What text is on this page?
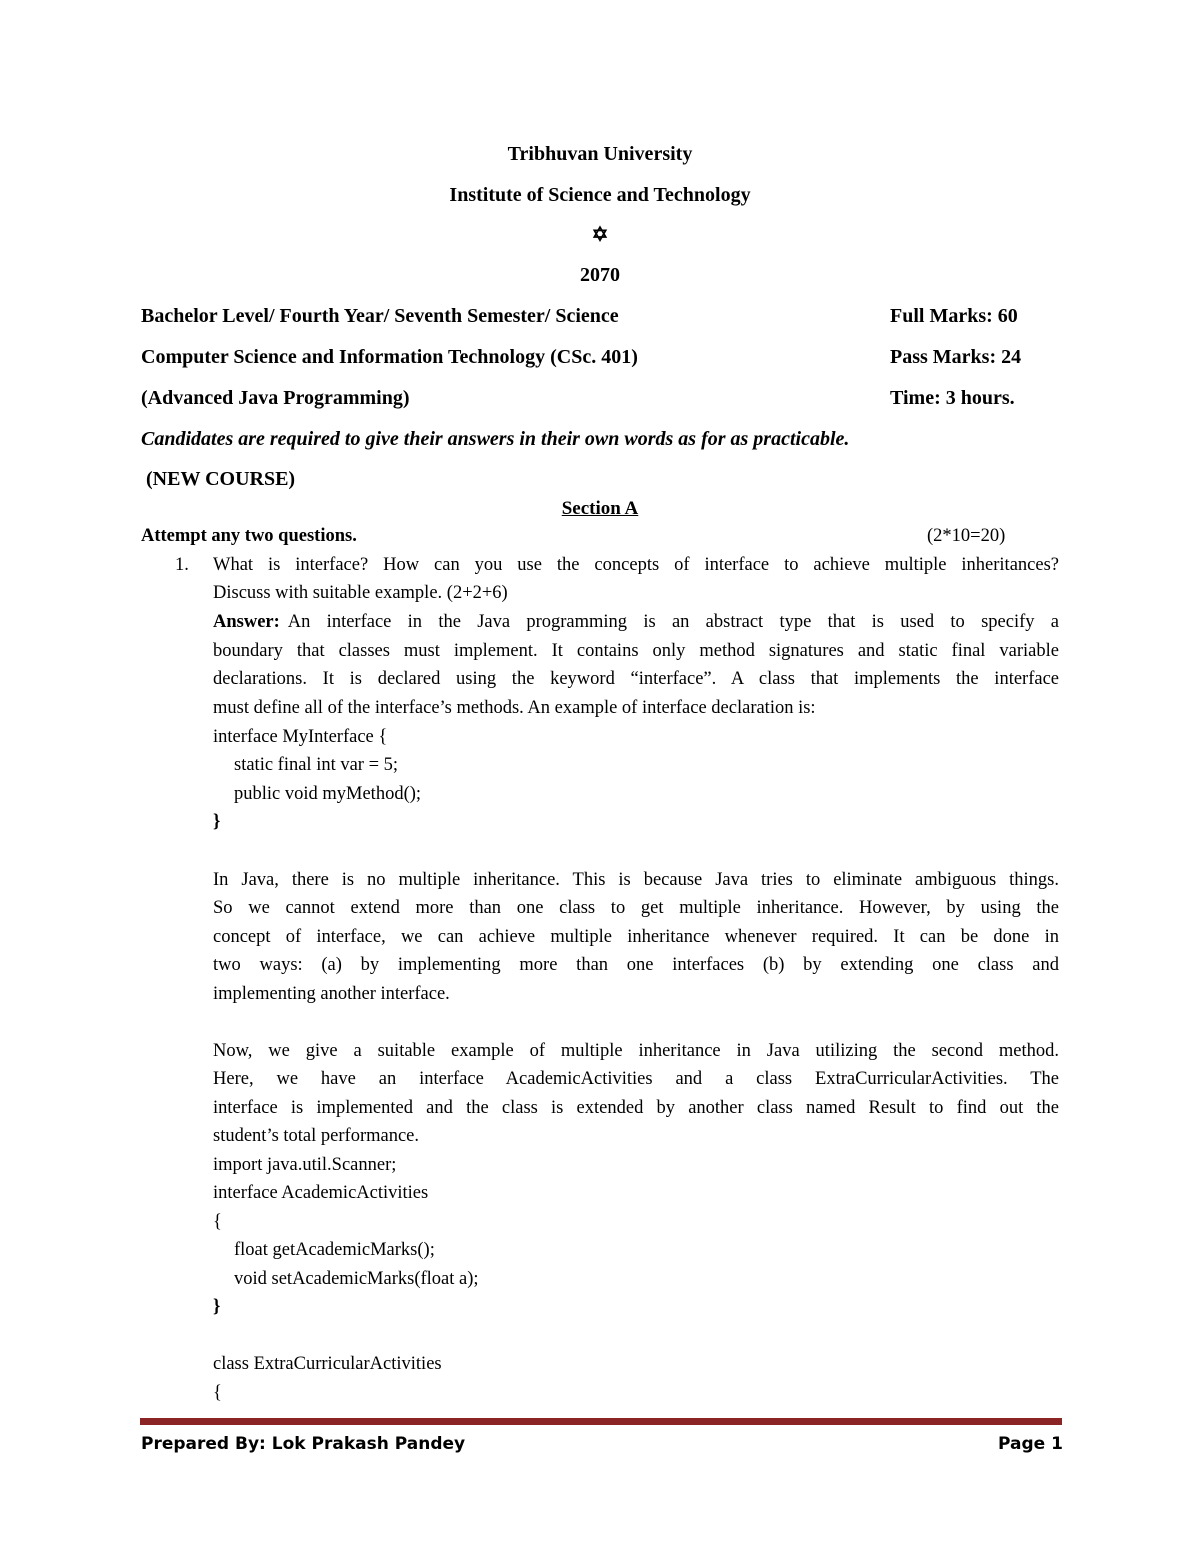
Tribhuvan University
Institute of Science and Technology
✡
2070
Bachelor Level/ Fourth Year/ Seventh Semester/ Science	Full Marks: 60
Computer Science and Information Technology (CSc. 401)	Pass Marks: 24
(Advanced Java Programming)	Time: 3 hours.
Candidates are required to give their answers in their own words as for as practicable.
(NEW COURSE)
Section A
Attempt any two questions.	(2*10=20)
1. What is interface? How can you use the concepts of interface to achieve multiple inheritances?
Discuss with suitable example. (2+2+6)
Answer: An interface in the Java programming is an abstract type that is used to specify a
boundary that classes must implement. It contains only method signatures and static final variable
declarations. It is declared using the keyword “interface”. A class that implements the interface
must define all of the interface’s methods. An example of interface declaration is:
interface MyInterface {
static final int var = 5;
public void myMethod();
}
In Java, there is no multiple inheritance. This is because Java tries to eliminate ambiguous things.
So we cannot extend more than one class to get multiple inheritance. However, by using the
concept of interface, we can achieve multiple inheritance whenever required. It can be done in
two ways: (a) by implementing more than one interfaces (b) by extending one class and
implementing another interface.
Now, we give a suitable example of multiple inheritance in Java utilizing the second method.
Here, we have an interface AcademicActivities and a class ExtraCurricularActivities. The
interface is implemented and the class is extended by another class named Result to find out the
student’s total performance.
import java.util.Scanner;
interface AcademicActivities
{
float getAcademicMarks();
void setAcademicMarks(float a);
}
class ExtraCurricularActivities
{
Prepared By: Lok Prakash Pandey	Page 1
